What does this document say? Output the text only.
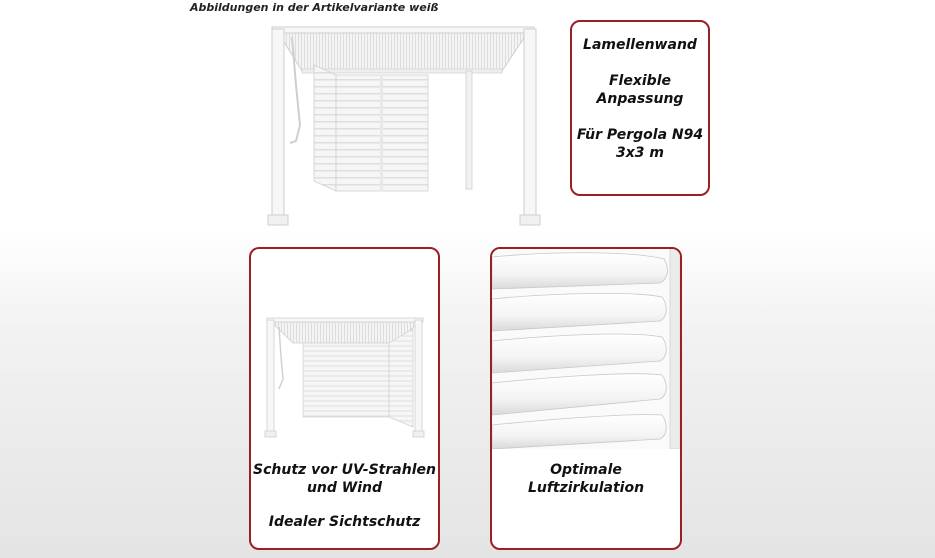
Abbildungen in der Artikelvariante weiß

Lamellenwand

Flexible

Anpassung

Für Pergola N94

3x3 m

Schutz vor UV-Strahlen

und Wind

Idealer Sichtschutz

Optimale

Luftzirkulation
